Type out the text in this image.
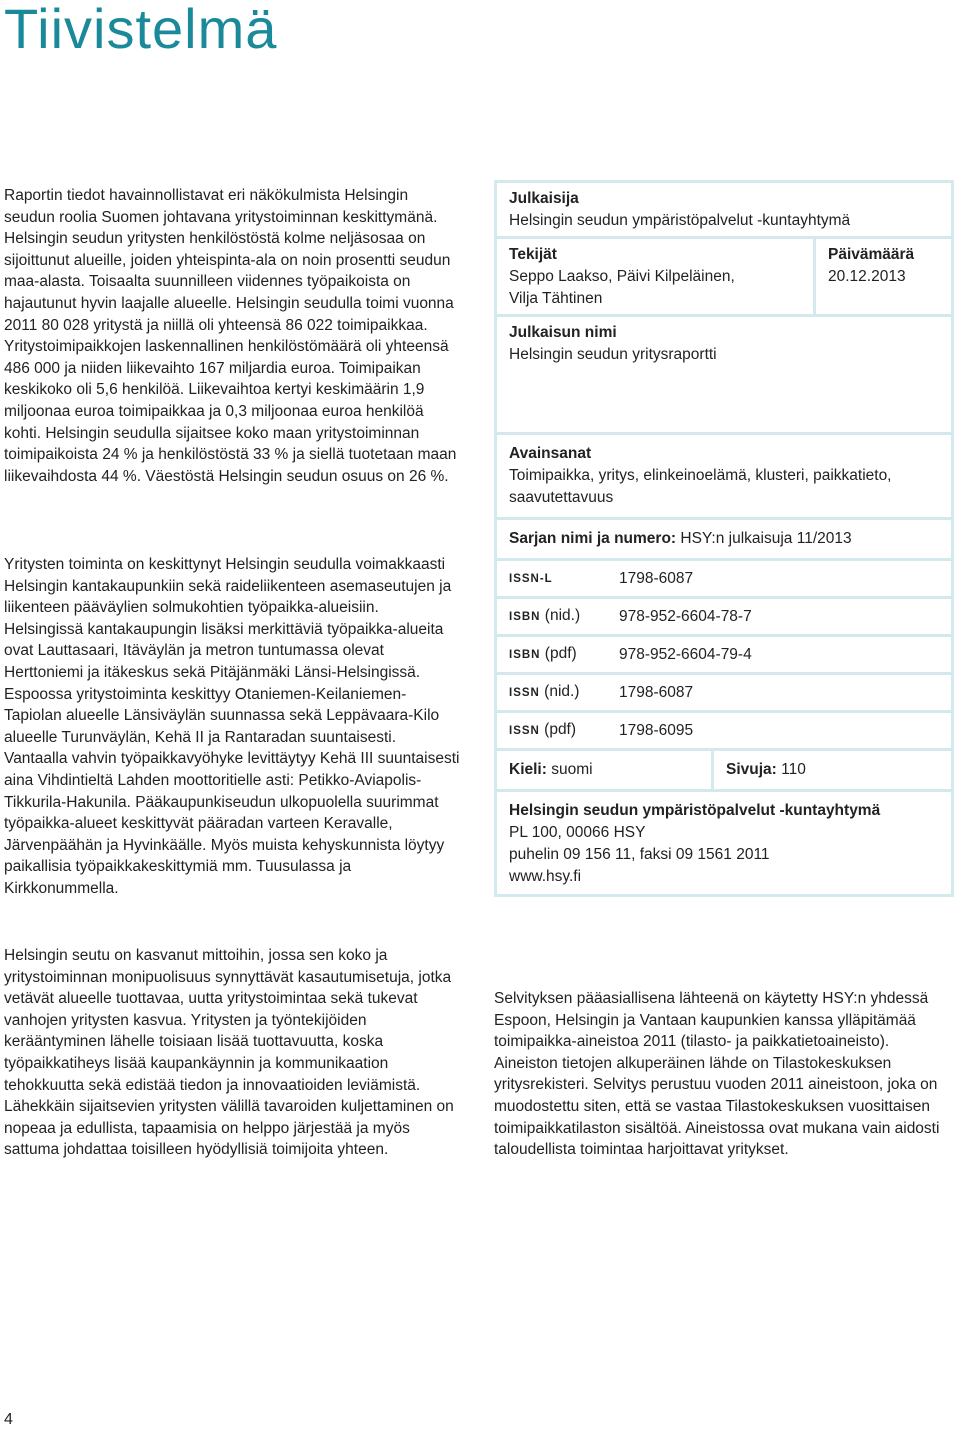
Tiivistelmä

Raportin tiedot havainnollistavat eri näkökulmista Helsingin seudun roolia Suomen johtavana yritystoiminnan keskittymänä. Helsingin seudun yritysten henkilöstöstä kolme neljäsosaa on sijoittunut alueille, joiden yhteispinta-ala on noin prosentti seudun maa-alasta. Toisaalta suunnilleen viidennes työpaikoista on hajautunut hyvin laajalle alueelle. Helsingin seudulla toimi vuonna 2011 80 028 yritystä ja niillä oli yhteensä 86 022 toimipaikkaa. Yritystoimipaikkojen laskennallinen henkilöstömäärä oli yhteensä 486 000 ja niiden liikevaihto 167 miljardia euroa. Toimipaikan keskikoko oli 5,6 henkilöä. Liikevaihtoa kertyi keskimäärin 1,9 miljoonaa euroa toimipaikkaa ja 0,3 miljoonaa euroa henkilöä kohti. Helsingin seudulla sijaitsee koko maan yritystoiminnan toimipaikoista 24 % ja henkilöstöstä 33 % ja siellä tuotetaan maan liikevaihdosta 44 %. Väestöstä Helsingin seudun osuus on 26 %.

Yritysten toiminta on keskittynyt Helsingin seudulla voimakkaasti Helsingin kantakaupunkiin sekä raideliikenteen asemaseutujen ja liikenteen pääväylien solmukohtien työpaikka-alueisiin. Helsingissä kantakaupungin lisäksi merkittäviä työpaikka-alueita ovat Lauttasaari, Itäväylän ja metron tuntumassa olevat Herttoniemi ja itäkeskus sekä Pitäjänmäki Länsi-Helsingissä. Espoossa yritystoiminta keskittyy Otaniemen-Keilaniemen-Tapiolan alueelle Länsiväylän suunnassa sekä Leppävaara-Kilo alueelle Turunväylän, Kehä II ja Rantaradan suuntaisesti. Vantaalla vahvin työpaikkavyöhyke levittäytyy Kehä III suuntaisesti aina Vihdintieltä Lahden moottoritielle asti: Petikko-Aviapolis-Tikkurila-Hakunila. Pääkaupunkiseudun ulkopuolella suurimmat työpaikka-alueet keskittyvät pääradan varteen Keravalle, Järvenpäähän ja Hyvinkäälle. Myös muista kehyskunnista löytyy paikallisia työpaikkakeskittymiä mm. Tuusulassa ja Kirkkonummella.

Helsingin seutu on kasvanut mittoihin, jossa sen koko ja yritystoiminnan monipuolisuus synnyttävät kasautumisetuja, jotka vetävät alueelle tuottavaa, uutta yritystoimintaa sekä tukevat vanhojen yritysten kasvua. Yritysten ja työntekijöiden kerääntyminen lähelle toisiaan lisää tuottavuutta, koska työpaikkatiheys lisää kaupankäynnin ja kommunikaation tehokkuutta sekä edistää tiedon ja innovaatioiden leviämistä. Lähekkäin sijaitsevien yritysten välillä tavaroiden kuljettaminen on nopeaa ja edullista, tapaamisia on helppo järjestää ja myös sattuma johdattaa toisilleen hyödyllisiä toimijoita yhteen.

Selvityksen pääasiallisena lähteenä on käytetty HSY:n yhdessä Espoon, Helsingin ja Vantaan kaupunkien kanssa ylläpitämää toimipaikka-aineistoa 2011 (tilasto- ja paikkatietoaineisto). Aineiston tietojen alkuperäinen lähde on Tilastokeskuksen yritysrekisteri. Selvitys perustuu vuoden 2011 aineistoon, joka on muodostettu siten, että se vastaa Tilastokeskuksen vuosittaisen toimipaikkatilaston sisältöä. Aineistossa ovat mukana vain aidosti taloudellista toimintaa harjoittavat yritykset.

Julkaisija
Helsingin seudun ympäristöpalvelut -kuntayhtymä
Tekijät
Seppo Laakso, Päivi Kilpeläinen,
Vilja Tähtinen
Päivämäärä
20.12.2013
Julkaisun nimi
Helsingin seudun yritysraportti
Avainsanat
Toimipaikka, yritys, elinkeinoelämä, klusteri, paikkatieto, saavutettavuus
Sarjan nimi ja numero: HSY:n julkaisuja 11/2013
ISSN-L	1798-6087
ISBN (nid.)	978-952-6604-78-7
ISBN (pdf)	978-952-6604-79-4
ISSN (nid.)	1798-6087
ISSN (pdf)	1798-6095
Kieli: suomi	Sivuja: 110
Helsingin seudun ympäristöpalvelut -kuntayhtymä
PL 100, 00066 HSY
puhelin 09 156 11, faksi 09 1561 2011
www.hsy.fi
4
